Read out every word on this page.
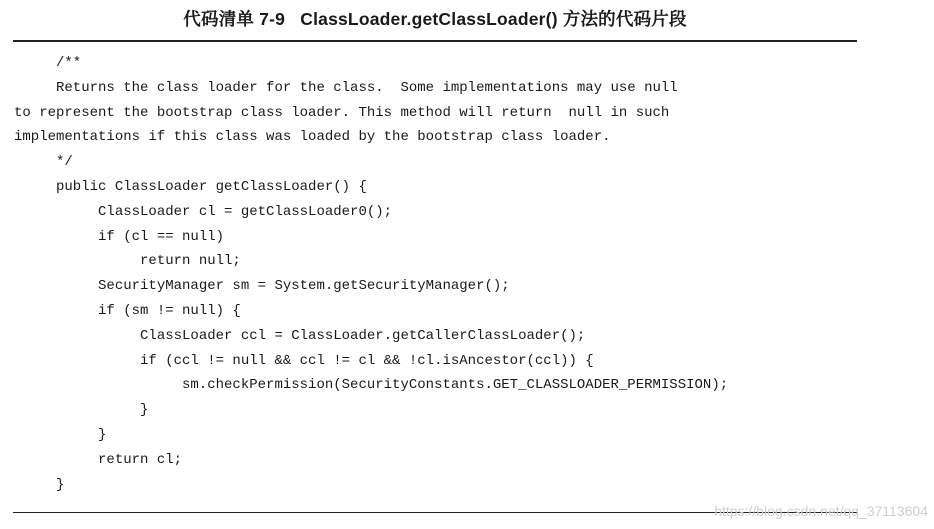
代码清单 7-9   ClassLoader.getClassLoader() 方法的代码片段
/**
Returns the class loader for the class.  Some implementations may use null
to represent the bootstrap class loader. This method will return  null in such
implementations if this class was loaded by the bootstrap class loader.
*/
public ClassLoader getClassLoader() {
ClassLoader cl = getClassLoader0();
if (cl == null)
return null;
SecurityManager sm = System.getSecurityManager();
if (sm != null) {
ClassLoader ccl = ClassLoader.getCallerClassLoader();
if (ccl != null && ccl != cl && !cl.isAncestor(ccl)) {
sm.checkPermission(SecurityConstants.GET_CLASSLOADER_PERMISSION);
}
}
return cl;
}
https://blog.csdn.net/qq_37113604
